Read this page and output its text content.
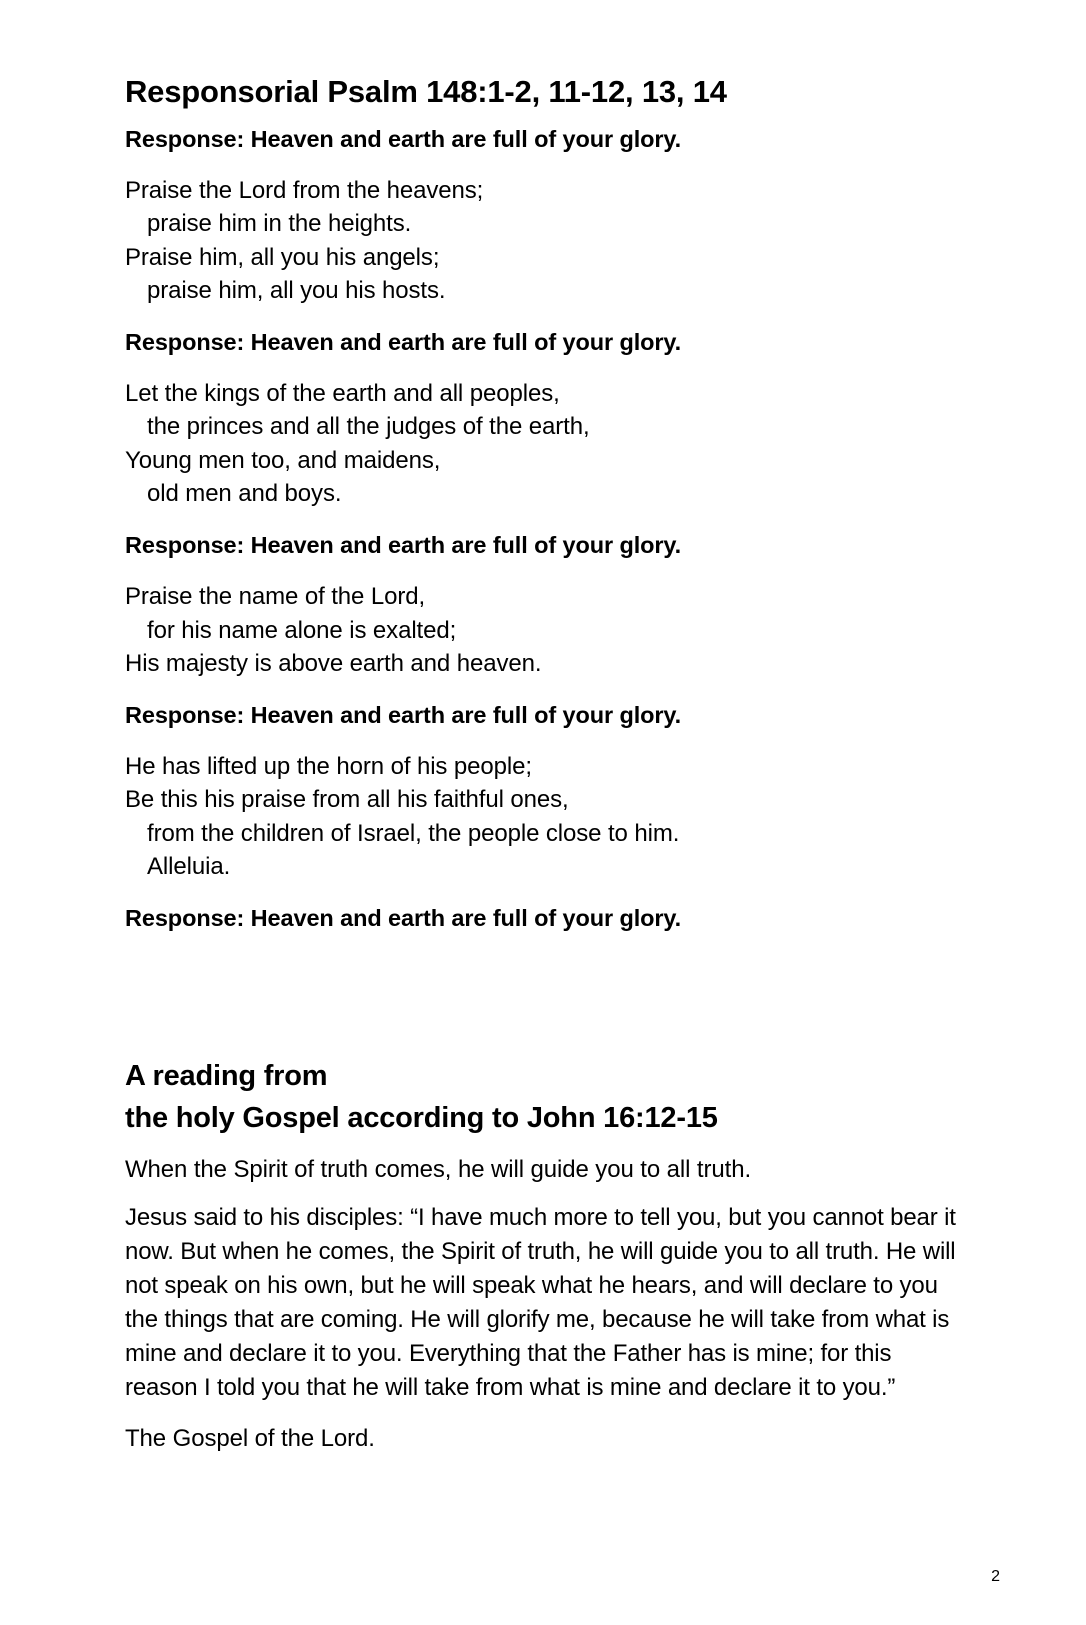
Responsorial Psalm 148:1-2, 11-12, 13, 14

Response: Heaven and earth are full of your glory.

Praise the Lord from the heavens;
praise him in the heights.
Praise him, all you his angels;
praise him, all you his hosts.

Response: Heaven and earth are full of your glory.

Let the kings of the earth and all peoples,
the princes and all the judges of the earth,
Young men too, and maidens,
old men and boys.

Response: Heaven and earth are full of your glory.

Praise the name of the Lord,
for his name alone is exalted;
His majesty is above earth and heaven.

Response: Heaven and earth are full of your glory.

He has lifted up the horn of his people;
Be this his praise from all his faithful ones,
from the children of Israel, the people close to him.
Alleluia.

Response: Heaven and earth are full of your glory.

A reading from
the holy Gospel according to John 16:12-15

When the Spirit of truth comes, he will guide you to all truth.

Jesus said to his disciples: “I have much more to tell you, but you cannot bear it now. But when he comes, the Spirit of truth, he will guide you to all truth. He will not speak on his own, but he will speak what he hears, and will declare to you the things that are coming. He will glorify me, because he will take from what is mine and declare it to you. Everything that the Father has is mine; for this reason I told you that he will take from what is mine and declare it to you.”

The Gospel of the Lord.

2
